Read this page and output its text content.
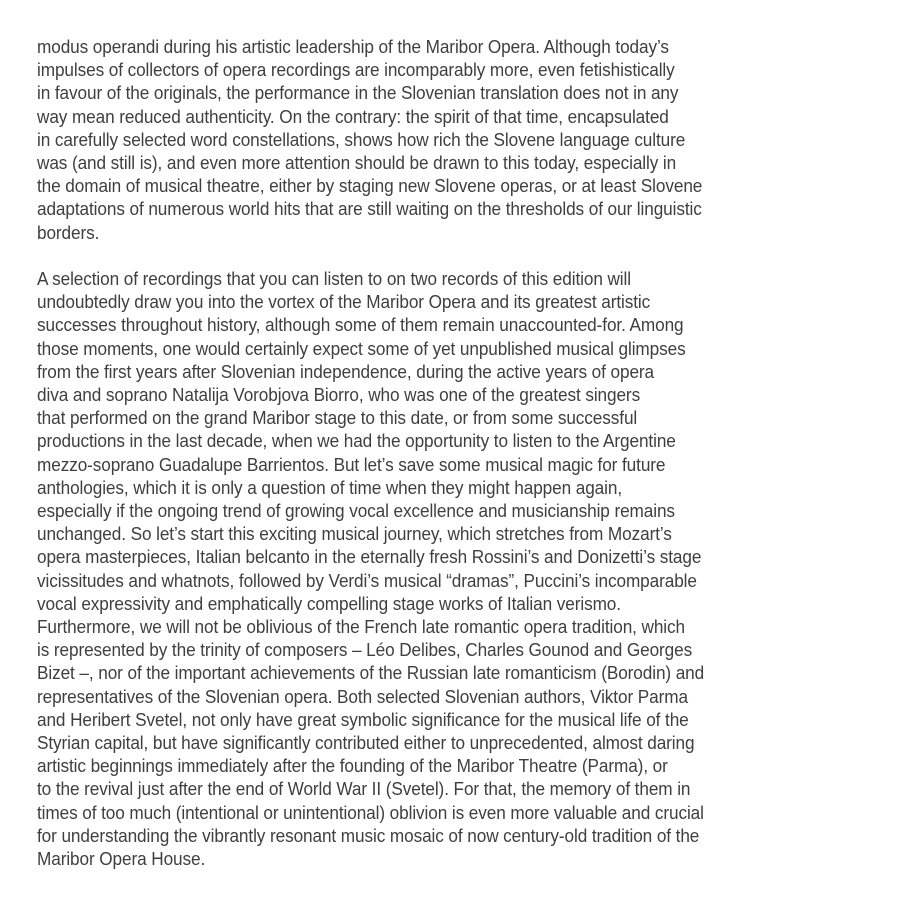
modus operandi during his artistic leadership of the Maribor Opera. Although today’s
impulses of collectors of opera recordings are incomparably more, even fetishistically
in favour of the originals, the performance in the Slovenian translation does not in any
way mean reduced authenticity. On the contrary: the spirit of that time, encapsulated
in carefully selected word constellations, shows how rich the Slovene language culture
was (and still is), and even more attention should be drawn to this today, especially in
the domain of musical theatre, either by staging new Slovene operas, or at least Slovene
adaptations of numerous world hits that are still waiting on the thresholds of our linguistic
borders.
A selection of recordings that you can listen to on two records of this edition will
undoubtedly draw you into the vortex of the Maribor Opera and its greatest artistic
successes throughout history, although some of them remain unaccounted-for. Among
those moments, one would certainly expect some of yet unpublished musical glimpses
from the first years after Slovenian independence, during the active years of opera
diva and soprano Natalija Vorobjova Biorro, who was one of the greatest singers
that performed on the grand Maribor stage to this date, or from some successful
productions in the last decade, when we had the opportunity to listen to the Argentine
mezzo-soprano Guadalupe Barrientos. But let’s save some musical magic for future
anthologies, which it is only a question of time when they might happen again,
especially if the ongoing trend of growing vocal excellence and musicianship remains
unchanged. So let’s start this exciting musical journey, which stretches from Mozart’s
opera masterpieces, Italian belcanto in the eternally fresh Rossini’s and Donizetti’s stage
vicissitudes and whatnots, followed by Verdi’s musical “dramas”, Puccini’s incomparable
vocal expressivity and emphatically compelling stage works of Italian verismo.
Furthermore, we will not be oblivious of the French late romantic opera tradition, which
is represented by the trinity of composers – Léo Delibes, Charles Gounod and Georges
Bizet –, nor of the important achievements of the Russian late romanticism (Borodin) and
representatives of the Slovenian opera. Both selected Slovenian authors, Viktor Parma
and Heribert Svetel, not only have great symbolic significance for the musical life of the
Styrian capital, but have significantly contributed either to unprecedented, almost daring
artistic beginnings immediately after the founding of the Maribor Theatre (Parma), or
to the revival just after the end of World War II (Svetel). For that, the memory of them in
times of too much (intentional or unintentional) oblivion is even more valuable and crucial
for understanding the vibrantly resonant music mosaic of now century-old tradition of the
Maribor Opera House.
